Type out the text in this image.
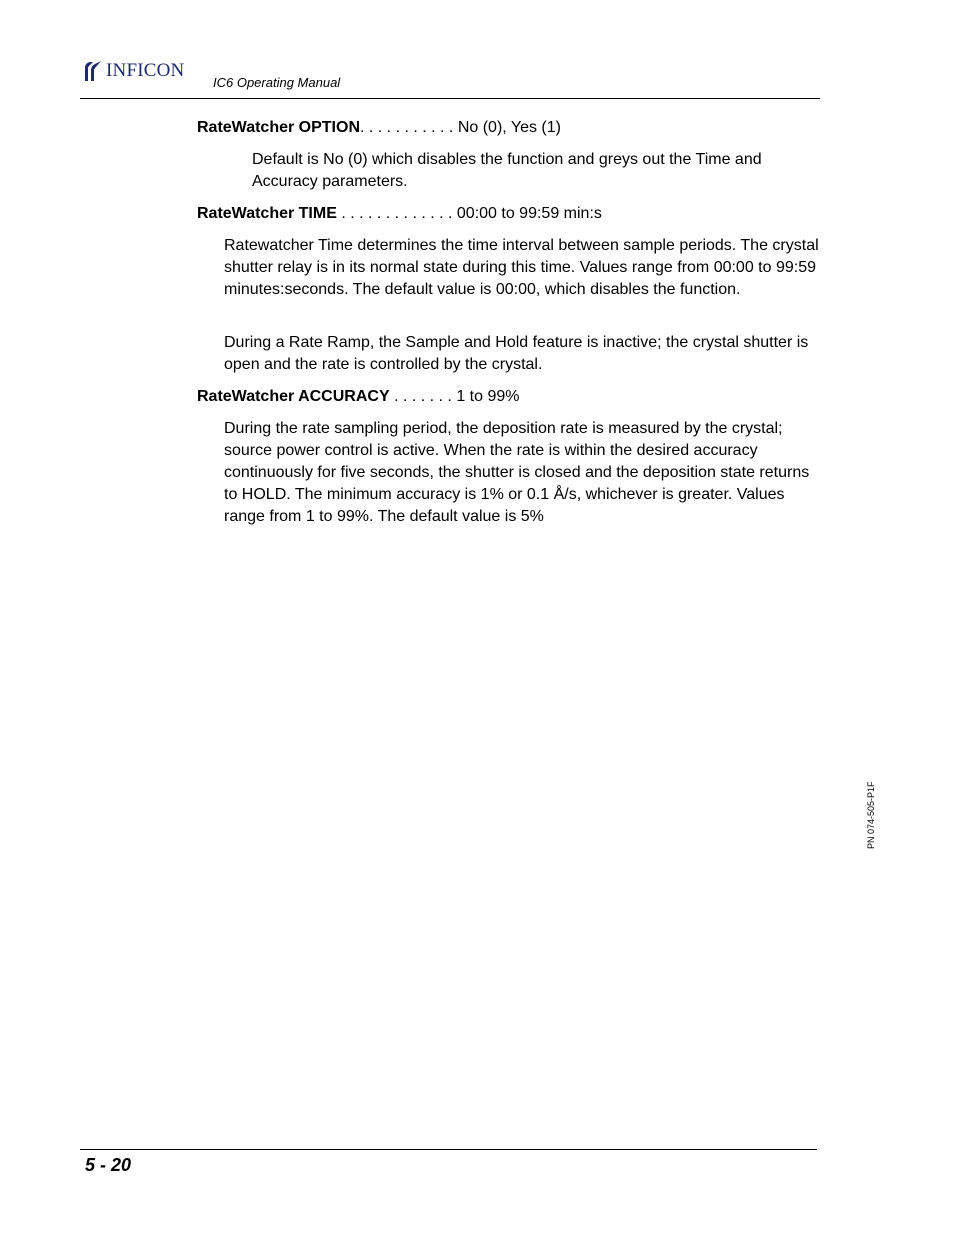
INFICON
IC6 Operating Manual
RateWatcher OPTION. . . . . . . . . . . No (0), Yes (1)

Default is No (0) which disables the function and greys out the Time and Accuracy parameters.

RateWatcher TIME . . . . . . . . . . . . . 00:00 to 99:59 min:s

Ratewatcher Time determines the time interval between sample periods. The crystal shutter relay is in its normal state during this time. Values range from 00:00 to 99:59 minutes:seconds. The default value is 00:00, which disables the function.

During a Rate Ramp, the Sample and Hold feature is inactive; the crystal shutter is open and the rate is controlled by the crystal.

RateWatcher ACCURACY . . . . . . . 1 to 99%

During the rate sampling period, the deposition rate is measured by the crystal; source power control is active. When the rate is within the desired accuracy continuously for five seconds, the shutter is closed and the deposition state returns to HOLD. The minimum accuracy is 1% or 0.1 Å/s, whichever is greater. Values range from 1 to 99%. The default value is 5%

PN 074-505-P1F
5 - 20
